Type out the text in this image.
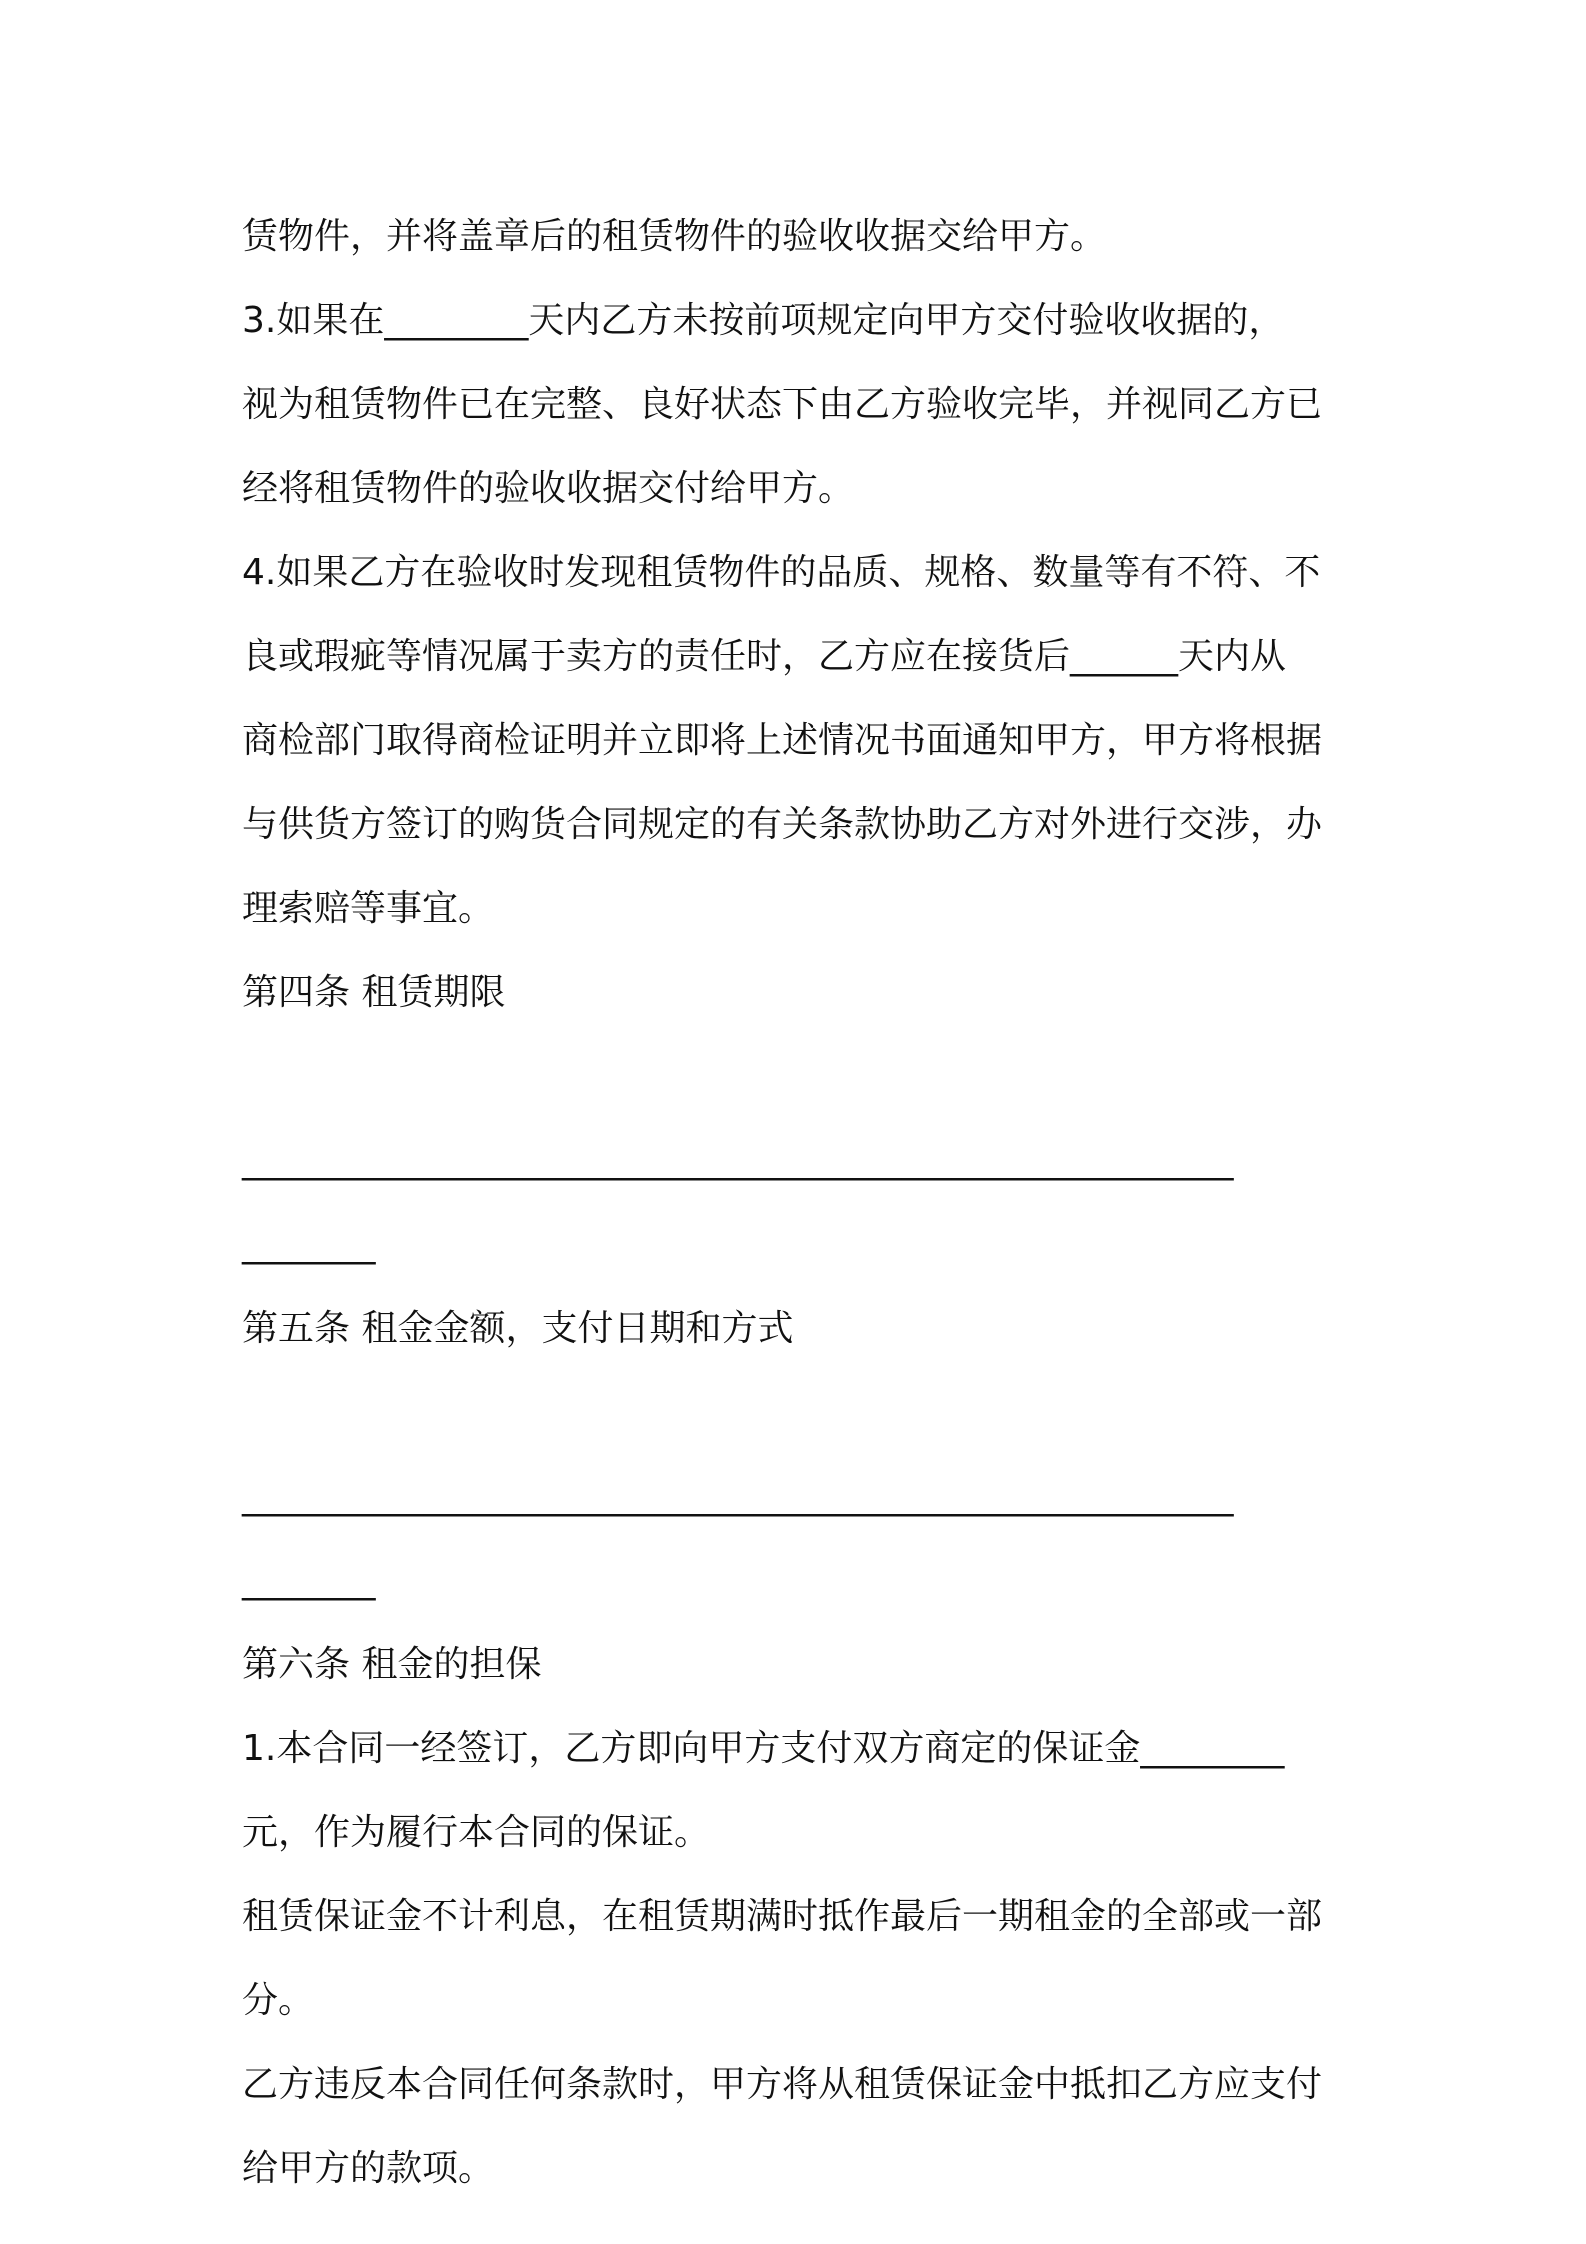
赁物件，并将盖章后的租赁物件的验收收据交给甲方。
3.如果在________天内乙方未按前项规定向甲方交付验收收据的，
视为租赁物件已在完整、良好状态下由乙方验收完毕，并视同乙方已
经将租赁物件的验收收据交付给甲方。
4.如果乙方在验收时发现租赁物件的品质、规格、数量等有不符、不
良或瑕疵等情况属于卖方的责任时，乙方应在接货后______天内从
商检部门取得商检证明并立即将上述情况书面通知甲方，甲方将根据
与供货方签订的购货合同规定的有关条款协助乙方对外进行交涉，办
理索赔等事宜。
第四条 租赁期限
____________________________________________________________
________
第五条 租金金额，支付日期和方式
____________________________________________________________
________
第六条 租金的担保
1.本合同一经签订，乙方即向甲方支付双方商定的保证金________
元，作为履行本合同的保证。
租赁保证金不计利息，在租赁期满时抵作最后一期租金的全部或一部
分。
乙方违反本合同任何条款时，甲方将从租赁保证金中抵扣乙方应支付
给甲方的款项。
